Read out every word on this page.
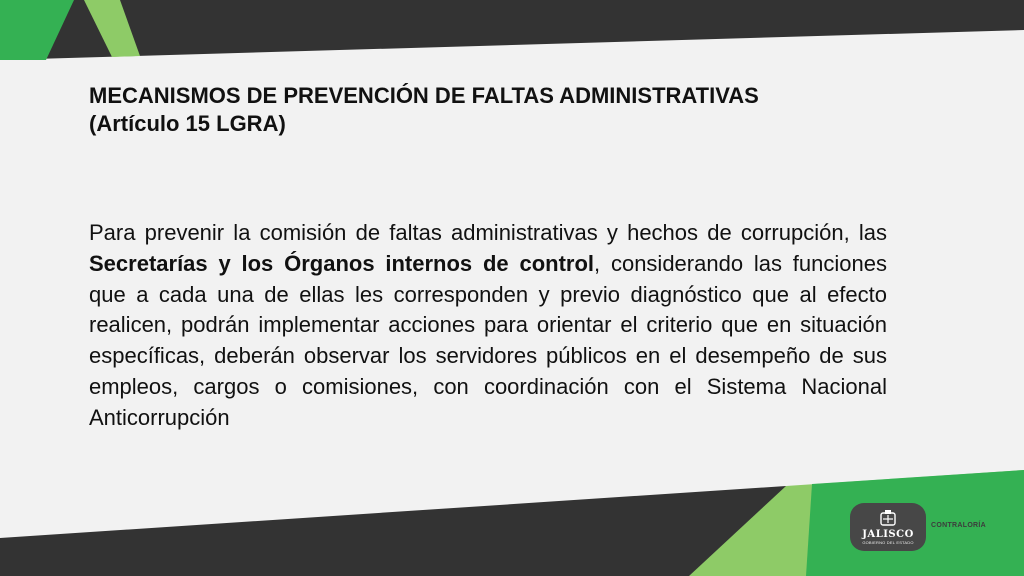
MECANISMOS DE PREVENCIÓN DE FALTAS ADMINISTRATIVAS
(Artículo 15 LGRA)

Para prevenir la comisión de faltas administrativas y hechos de corrupción, las Secretarías y los Órganos internos de control, considerando las funciones que a cada una de ellas les corresponden y previo diagnóstico que al efecto realicen, podrán implementar acciones para orientar el criterio que en situación específicas, deberán observar los servidores públicos en el desempeño de sus empleos, cargos o comisiones, con coordinación con el Sistema Nacional Anticorrupción

JALISCO
GOBIERNO DEL ESTADO
CONTRALORÍA
